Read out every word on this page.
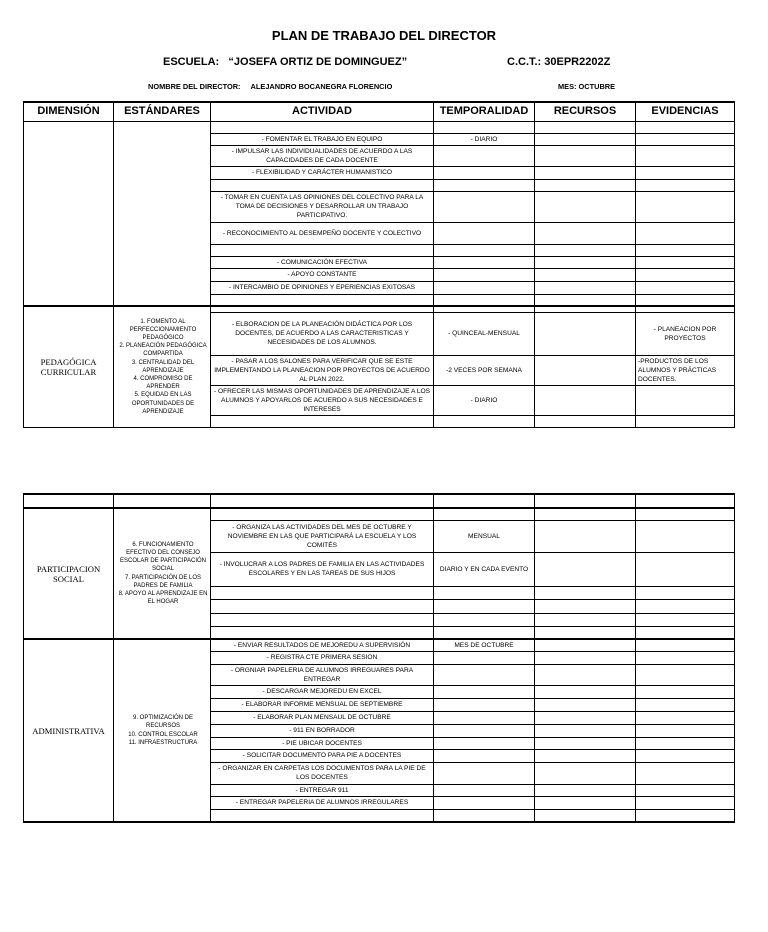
PLAN DE TRABAJO DEL DIRECTOR
ESCUELA: “JOSEFA ORTIZ DE DOMINGUEZ”	C.C.T.: 30EPR2202Z
NOMBRE DEL DIRECTOR: ALEJANDRO BOCANEGRA FLORENCIO	MES: OCTUBRE
DIMENSIÓN	ESTÁNDARES	ACTIVIDAD	TEMPORALIDAD	RECURSOS	EVIDENCIAS

		- FOMENTAR EL TRABAJO EN EQUIPO	- DIARIO		
		- IMPULSAR LAS INDIVIDUALIDADES DE ACUERDO A LAS CAPACIDADES DE CADA DOCENTE			
		- FLEXIBILIDAD Y CARÁCTER HUMANISTICO			

		- TOMAR EN CUENTA LAS OPINIONES DEL COLECTIVO PARA LA TOMA DE DECISIONES Y DESARROLLAR UN TRABAJO PARTICIPATIVO.			
		- RECONOCIMIENTO AL DESEMPEÑO DOCENTE Y COLECTIVO			

		- COMUNICACIÓN EFECTIVA			
		- APOYO CONSTANTE			
		- INTERCAMBIO DE OPINIONES Y EPERIENCIAS EXITOSAS			

PEDAGÓGICA CURRICULAR	1. FOMENTO AL PERFECCIONAMIENTO PEDAGÓGICO
2. PLANEACIÓN PEDAGÓGICA COMPARTIDA
3. CENTRALIDAD DEL APRENDIZAJE
4. COMPROMISO DE APRENDER
5. EQUIDAD EN LAS OPORTUNIDADES DE APRENDIZAJE				

		- ELBORACION DE LA PLANEACIÓN DIDÁCTICA POR LOS DOCENTES, DE ACUERDO A LAS CARACTERISTICAS Y NECESIDADES DE LOS ALUMNOS.	- QUINCEAL-MENSUAL		- PLANEACION POR PROYECTOS
		- PASAR A LOS SALONES PARA VERIFICAR QUE SE ESTE IMPLEMENTANDO LA PLANEACION POR PROYECTOS DE ACUERDO AL PLAN 2022.	-2 VECES POR SEMANA		-PRODUCTOS DE LOS ALUMNOS Y PRÁCTICAS DOCENTES.
		- OFRECER LAS MISMAS OPORTUNIDADES DE APRENDIZAJE A LOS ALUMNOS Y APOYARLOS DE ACUERDO A SUS NECESIDADES E INTERESES	- DIARIO		

PARTICIPACION SOCIAL	6. FUNCIONAMIENTO EFECTIVO DEL CONSEJO ESCOLAR DE PARTICIPACIÓN SOCIAL
7. PARTICIPACIÓN DE LOS PADRES DE FAMILIA
8. APOYO AL APRENDIZAJE EN EL HOGAR				

		- ORGANIZA LAS ACTIVIDADES DEL MES DE OCTUBRE Y NOVIEMBRE EN LAS QUE PARTICIPARÁ LA ESCUELA Y LOS COMITÉS	MENSUAL		
		- INVOLUCRAR A LOS PADRES DE FAMILIA EN LAS ACTIVIDADES ESCOLARES Y EN LAS TAREAS DE SUS HIJOS	DIARIO Y EN CADA EVENTO		

ADMINISTRATIVA	9. OPTIMIZACIÓN DE RECURSOS
10. CONTROL ESCOLAR
11. INFRAESTRUCTURA	- ENVIAR RESULTADOS DE MEJOREDU A SUPERVISIÓN	MES DE OCTUBRE		
		- REGISTRA CTE PRIMERA SESION			
		- ORGNIAR PAPELERIA DE ALUMNOS IRREGUARES PARA ENTREGAR			
		- DESCARGAR MEJOREDU EN EXCEL			
		- ELABORAR INFORME MENSUAL DE SEPTIEMBRE			
		- ELABORAR PLAN MENSAUL DE OCTUBRE			
		- 911 EN BORRADOR			
		- PIE UBICAR DOCENTES			
		- SOLICITAR DOCUMENTO PARA PIE A DOCENTES			
		- ORGANIZAR EN CARPETAS LOS DOCUMENTOS PARA LA PIE DE LOS DOCENTES			
		- ENTREGAR 911			
		- ENTREGAR PAPELERIA DE ALUMNOS IRREGULARES			
